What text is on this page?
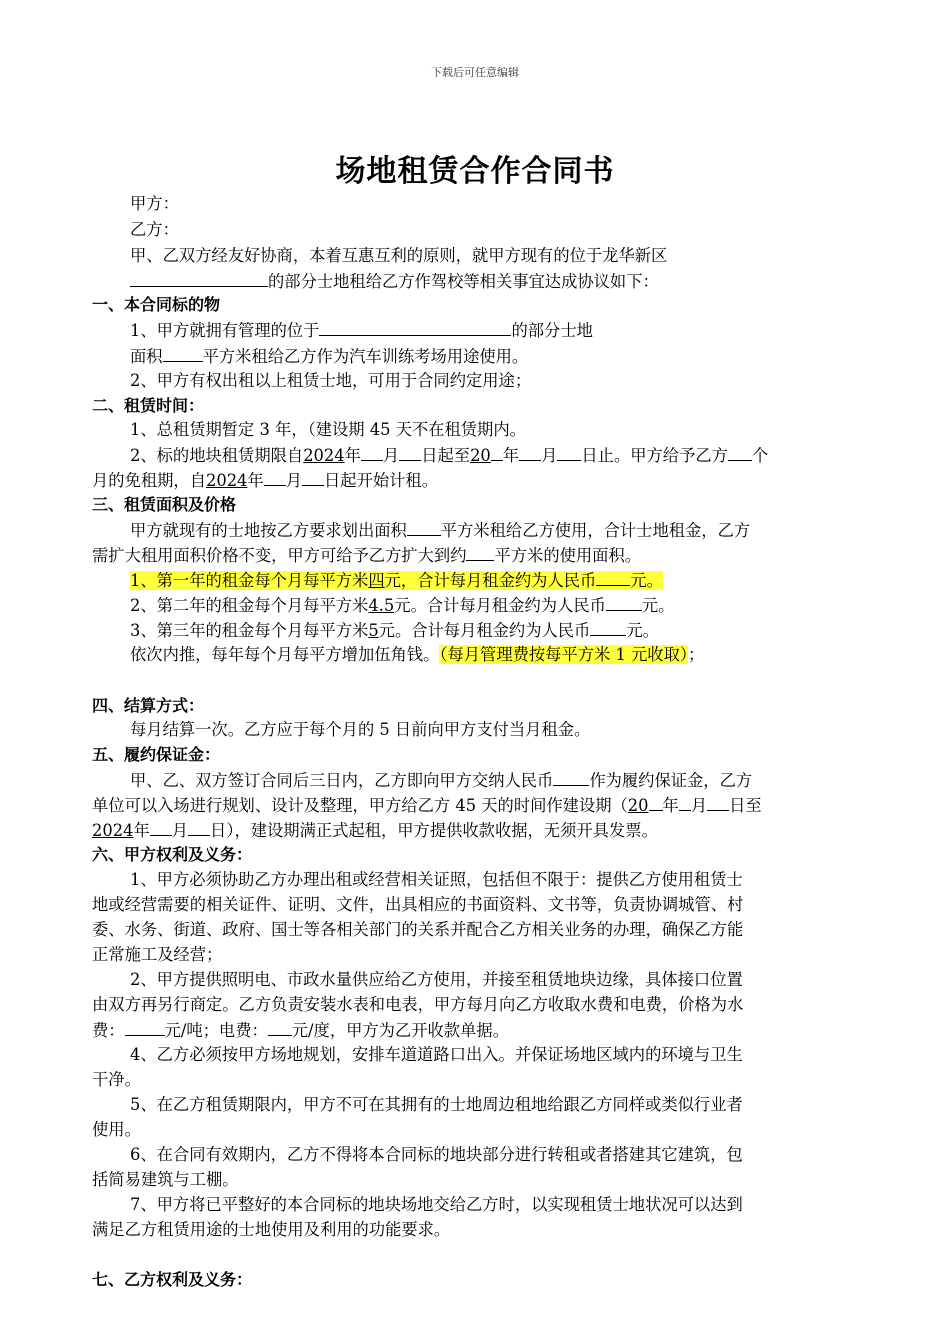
下载后可任意编辑
场地租赁合作合同书
甲方：
乙方：
甲、乙双方经友好协商，本着互惠互利的原则，就甲方现有的位于龙华新区
的部分士地租给乙方作驾校等相关事宜达成协议如下：
一、本合同标的物
1、甲方就拥有管理的位于	的部分士地
面积 平方米租给乙方作为汽车训练考场用途使用。
2、甲方有权出租以上租赁士地，可用于合同约定用途；
二、租赁时间：
1、总租赁期暂定 3 年，（建设期 45 天不在租赁期内。
2、标的地块租赁期限自2024年 月 日起至20 年 月 日止。甲方给予乙方 个
月的免租期，自2024年 月 日起开始计租。
三、租赁面积及价格
甲方就现有的士地按乙方要求划出面积 平方米租给乙方使用，合计士地租金，乙方
需扩大租用面积价格不变，甲方可给予乙方扩大到约 平方米的使用面积。
1、第一年的租金每个月每平方米四元，合计每月租金约为人民币 元。
2、第二年的租金每个月每平方米4.5元。合计每月租金约为人民币 元。
3、第三年的租金每个月每平方米5元。合计每月租金约为人民币 元。
依次内推，每年每个月每平方增加伍角钱。（每月管理费按每平方米 1 元收取）；
四、结算方式：
每月结算一次。乙方应于每个月的 5 日前向甲方支付当月租金。
五、履约保证金：
甲、乙、双方签订合同后三日内，乙方即向甲方交纳人民币 作为履约保证金，乙方
单位可以入场进行规划、设计及整理，甲方给乙方 45 天的时间作建设期（20 年 月 日至
2024年 月 日），建设期满正式起租，甲方提供收款收据，无须开具发票。
六、甲方权利及义务：
1、甲方必须协助乙方办理出租或经营相关证照，包括但不限于：提供乙方使用租赁士
地或经营需要的相关证件、证明、文件，出具相应的书面资料、文书等，负责协调城管、村
委、水务、街道、政府、国士等各相关部门的关系并配合乙方相关业务的办理，确保乙方能
正常施工及经营；
2、甲方提供照明电、市政水量供应给乙方使用，并接至租赁地块边缘，具体接口位置
由双方再另行商定。乙方负责安装水表和电表，甲方每月向乙方收取水费和电费，价格为水
费： 元/吨；电费： 元/度，甲方为乙开收款单据。
4、乙方必须按甲方场地规划，安排车道道路口出入。并保证场地区域内的环境与卫生
干净。
5、在乙方租赁期限内，甲方不可在其拥有的士地周边租地给跟乙方同样或类似行业者
使用。
6、在合同有效期内，乙方不得将本合同标的地块部分进行转租或者搭建其它建筑，包
括简易建筑与工棚。
7、甲方将已平整好的本合同标的地块场地交给乙方时，以实现租赁士地状况可以达到
满足乙方租赁用途的士地使用及利用的功能要求。
七、乙方权利及义务：
